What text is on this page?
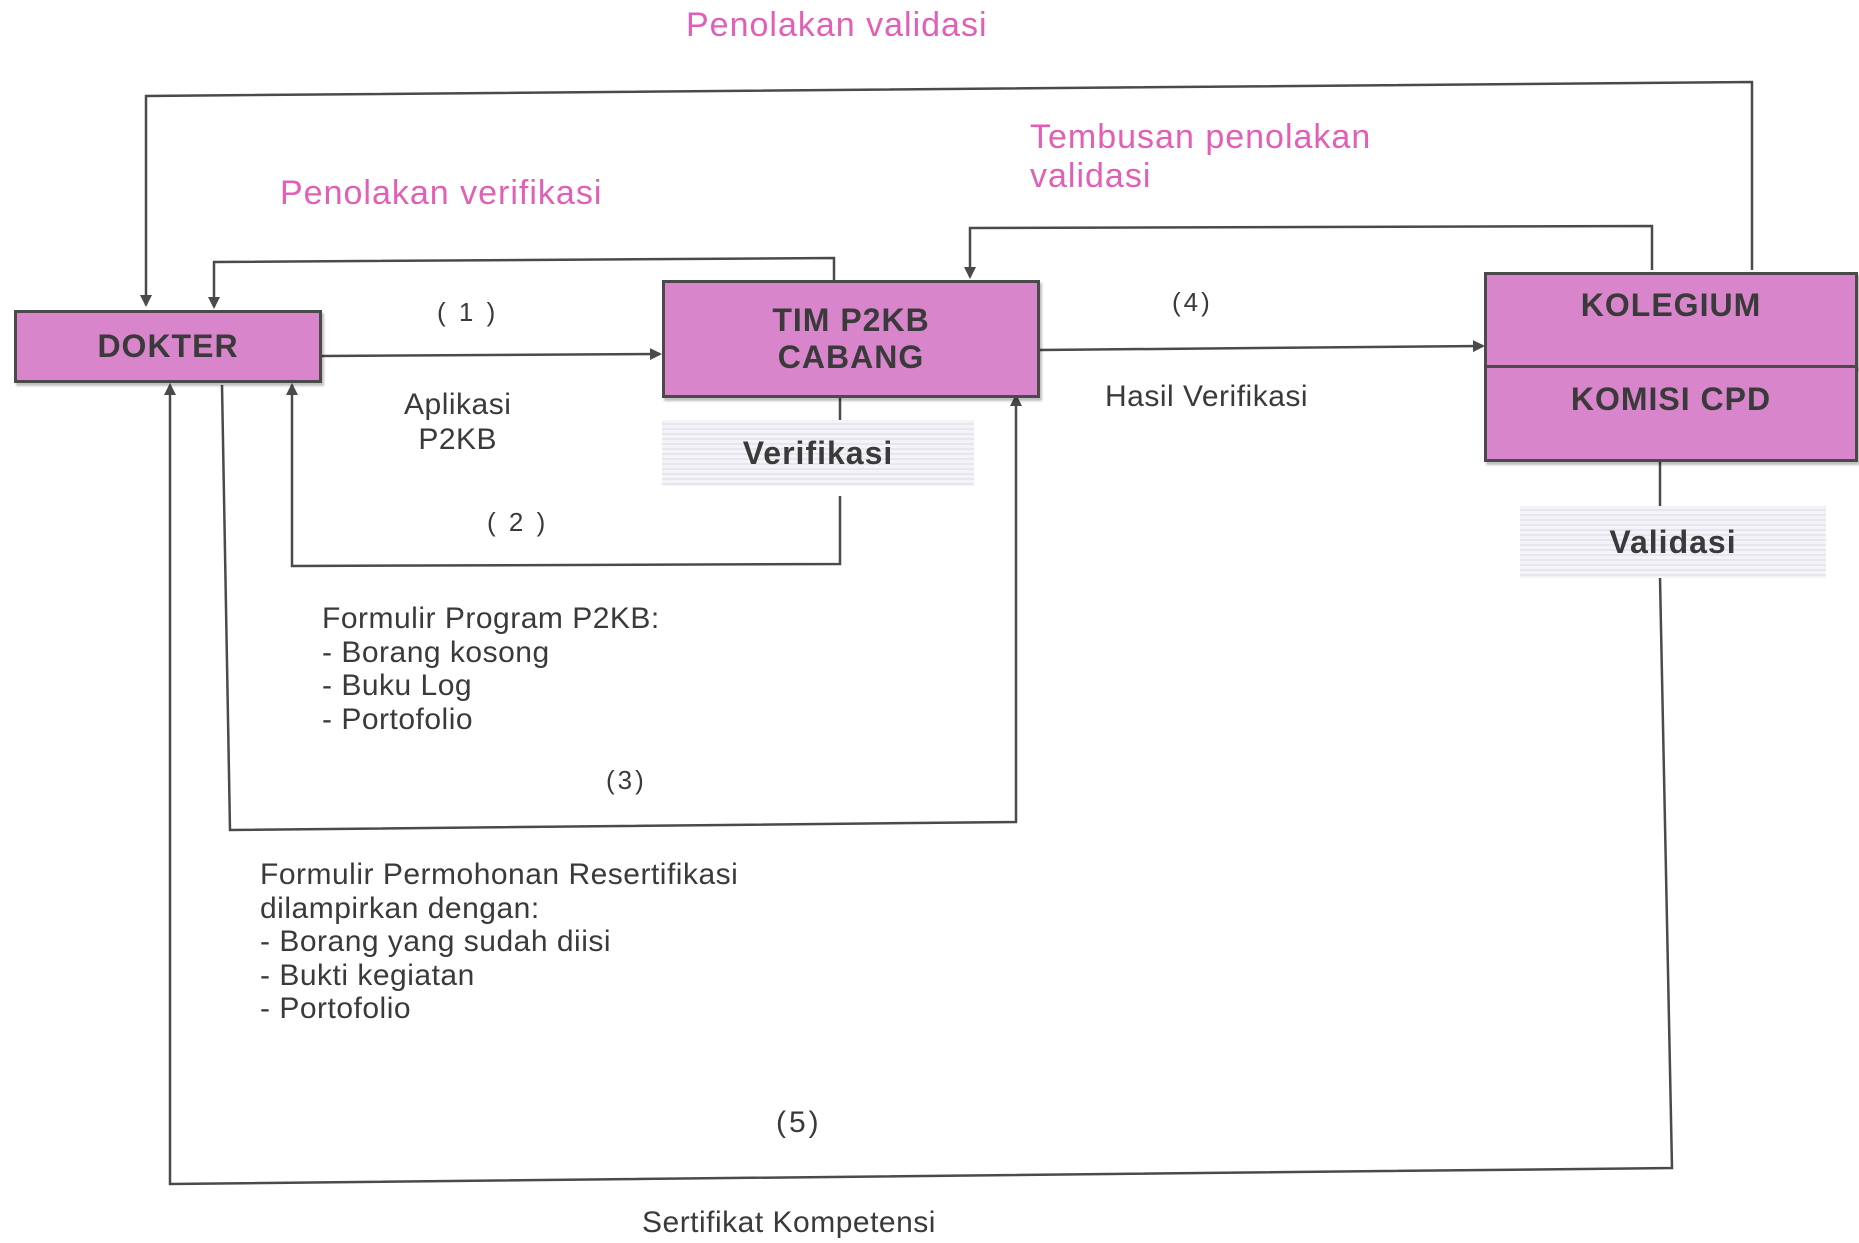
DOKTER
TIM P2KB
CABANG
KOLEGIUM
KOMISI CPD
Verifikasi
Validasi
Penolakan validasi
Tembusan penolakan
validasi
Penolakan verifikasi
( 1 )
( 2 )
(3)
(4)
(5)
Aplikasi
P2KB
Hasil Verifikasi
Formulir Program P2KB:
- Borang kosong
- Buku Log
- Portofolio
Formulir Permohonan Resertifikasi
dilampirkan dengan:
- Borang yang sudah diisi
- Bukti kegiatan
- Portofolio
Sertifikat Kompetensi
